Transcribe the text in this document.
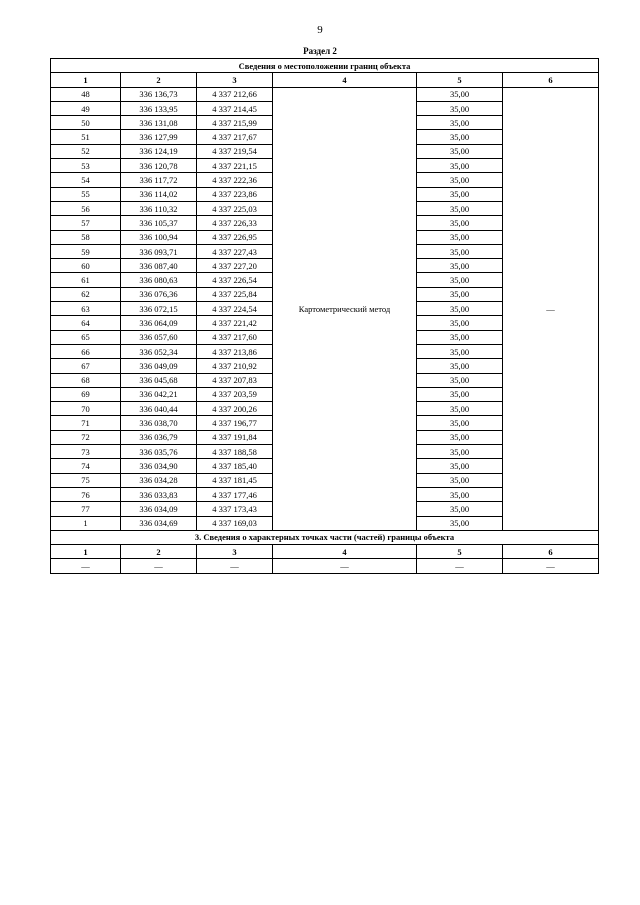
9
Раздел 2
Сведения о местоположении границ объекта					
1	2	3	4	5	6
48	336 136,73	4 337 212,66	Картометрический метод	35,00	—
49	336 133,95	4 337 214,45		35,00	
50	336 131,08	4 337 215,99		35,00	
51	336 127,99	4 337 217,67		35,00	
52	336 124,19	4 337 219,54		35,00	
53	336 120,78	4 337 221,15		35,00	
54	336 117,72	4 337 222,36		35,00	
55	336 114,02	4 337 223,86		35,00	
56	336 110,32	4 337 225,03		35,00	
57	336 105,37	4 337 226,33		35,00	
58	336 100,94	4 337 226,95		35,00	
59	336 093,71	4 337 227,43		35,00	
60	336 087,40	4 337 227,20		35,00	
61	336 080,63	4 337 226,54		35,00	
62	336 076,36	4 337 225,84		35,00	
63	336 072,15	4 337 224,54		35,00	
64	336 064,09	4 337 221,42		35,00	
65	336 057,60	4 337 217,60		35,00	
66	336 052,34	4 337 213,86		35,00	
67	336 049,09	4 337 210,92		35,00	
68	336 045,68	4 337 207,83		35,00	
69	336 042,21	4 337 203,59		35,00	
70	336 040,44	4 337 200,26		35,00	
71	336 038,70	4 337 196,77		35,00	
72	336 036,79	4 337 191,84		35,00	
73	336 035,76	4 337 188,58		35,00	
74	336 034,90	4 337 185,40		35,00	
75	336 034,28	4 337 181,45		35,00	
76	336 033,83	4 337 177,46		35,00	
77	336 034,09	4 337 173,43		35,00	
1	336 034,69	4 337 169,03		35,00	
3. Сведения о характерных точках части (частей) границы объекта					
1	2	3	4	5	6
—	—	—	—	—	—
